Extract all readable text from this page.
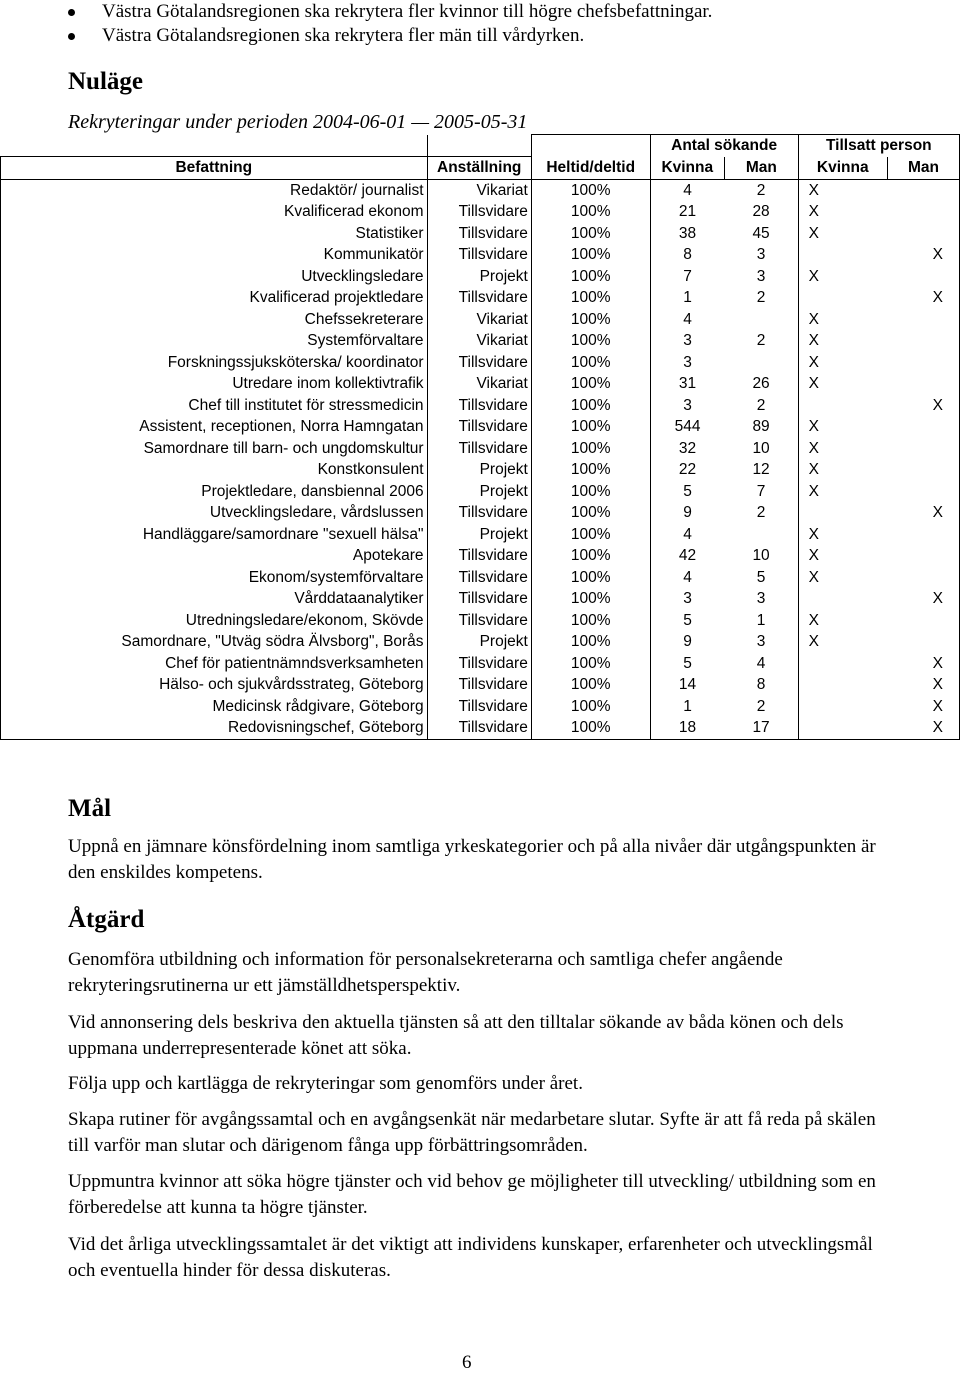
Västra Götalandsregionen ska rekrytera fler kvinnor till högre chefsbefattningar.
Västra Götalandsregionen ska rekrytera fler män till vårdyrken.
Nuläge
Rekryteringar under perioden 2004-06-01 — 2005-05-31
			Antal sökande		Tillsatt person	
Befattning	Anställning	Heltid/deltid	Kvinna	Man	Kvinna	Man
Redaktör/ journalist	Vikariat	100%	4	2	X	
Kvalificerad ekonom	Tillsvidare	100%	21	28	X	
Statistiker	Tillsvidare	100%	38	45	X	
Kommunikatör	Tillsvidare	100%	8	3		X
Utvecklingsledare	Projekt	100%	7	3	X	
Kvalificerad projektledare	Tillsvidare	100%	1	2		X
Chefssekreterare	Vikariat	100%	4		X	
Systemförvaltare	Vikariat	100%	3	2	X	
Forskningssjuksköterska/ koordinator	Tillsvidare	100%	3		X	
Utredare inom kollektivtrafik	Vikariat	100%	31	26	X	
Chef till institutet för stressmedicin	Tillsvidare	100%	3	2		X
Assistent, receptionen, Norra Hamngatan	Tillsvidare	100%	544	89	X	
Samordnare till barn- och ungdomskultur	Tillsvidare	100%	32	10	X	
Konstkonsulent	Projekt	100%	22	12	X	
Projektledare, dansbiennal 2006	Projekt	100%	5	7	X	
Utvecklingsledare, vårdslussen	Tillsvidare	100%	9	2		X
Handläggare/samordnare "sexuell hälsa"	Projekt	100%	4		X	
Apotekare	Tillsvidare	100%	42	10	X	
Ekonom/systemförvaltare	Tillsvidare	100%	4	5	X	
Vårddataanalytiker	Tillsvidare	100%	3	3		X
Utredningsledare/ekonom, Skövde	Tillsvidare	100%	5	1	X	
Samordnare, "Utväg södra Älvsborg", Borås	Projekt	100%	9	3	X	
Chef för patientnämndsverksamheten	Tillsvidare	100%	5	4		X
Hälso- och sjukvårdsstrateg, Göteborg	Tillsvidare	100%	14	8		X
Medicinsk rådgivare, Göteborg	Tillsvidare	100%	1	2		X
Redovisningschef, Göteborg	Tillsvidare	100%	18	17		X
Mål
Uppnå en jämnare könsfördelning inom samtliga yrkeskategorier och på alla nivåer där utgångspunkten är den enskildes kompetens.
Åtgärd
Genomföra utbildning och information för personalsekreterarna och samtliga chefer angående rekryteringsrutinerna ur ett jämställdhetsperspektiv.
Vid annonsering dels beskriva den aktuella tjänsten så att den tilltalar sökande av båda könen och dels uppmana underrepresenterade könet att söka.
Följa upp och kartlägga de rekryteringar som genomförs under året.
Skapa rutiner för avgångssamtal och en avgångsenkät när medarbetare slutar. Syfte är att få reda på skälen till varför man slutar och därigenom fånga upp förbättringsområden.
Uppmuntra kvinnor att söka högre tjänster och vid behov ge möjligheter till utveckling/ utbildning som en förberedelse att kunna ta högre tjänster.
Vid det årliga utvecklingssamtalet är det viktigt att individens kunskaper, erfarenheter och utvecklingsmål och eventuella hinder för dessa diskuteras.
6
